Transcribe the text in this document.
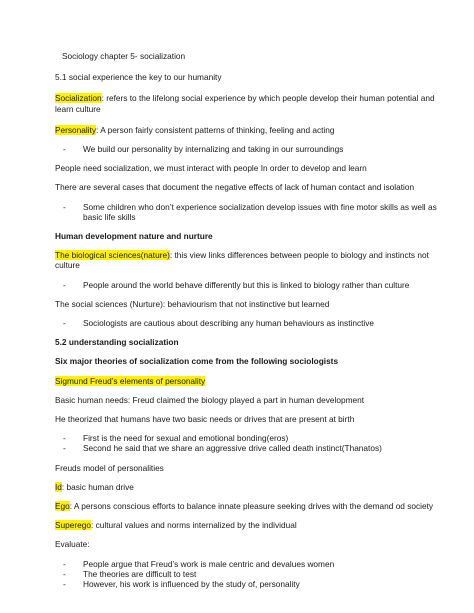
Sociology chapter 5- socialization

5.1 social experience the key to our humanity

Socialization: refers to the lifelong social experience by which people develop their human potential and

learn culture

Personality: A person fairly consistent patterns of thinking, feeling and acting

- We build our personality by internalizing and taking in our surroundings

People need socialization, we must interact with people In order to develop and learn

There are several cases that document the negative effects of lack of human contact and isolation

- Some children who don’t experience socialization develop issues with fine motor skills as well as
basic life skills

Human development nature and nurture

The biological sciences(nature): this view links differences between people to biology and instincts not

culture

- People around the world behave differently but this is linked to biology rather than culture

The social sciences (Nurture): behaviourism that not instinctive but learned

- Sociologists are cautious about describing any human behaviours as instinctive

5.2 understanding socialization

Six major theories of socialization come from the following sociologists

Sigmund Freud’s elements of personality

Basic human needs: Freud claimed the biology played a part in human development

He theorized that humans have two basic needs or drives that are present at birth

- First is the need for sexual and emotional bonding(eros)
- Second he said that we share an aggressive drive called death instinct(Thanatos)

Freuds model of personalities

Id: basic human drive

Ego: A persons conscious efforts to balance innate pleasure seeking drives with the demand od society

Superego: cultural values and norms internalized by the individual

Evaluate:

- People argue that Freud’s work is male centric and devalues women
- The theories are difficult to test
- However, his work is influenced by the study of, personality
